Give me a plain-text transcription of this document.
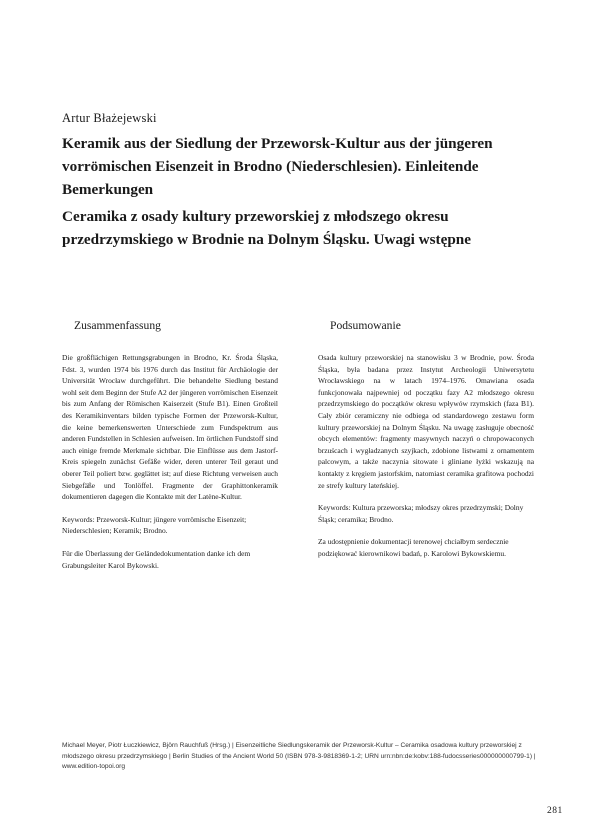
Artur Błażejewski
Keramik aus der Siedlung der Przeworsk-Kultur aus der jüngeren vorrömischen Eisenzeit in Brodno (Niederschlesien). Einleitende Bemerkungen
Ceramika z osady kultury przeworskiej z młodszego okresu przedrzymskiego w Brodnie na Dolnym Śląsku. Uwagi wstępne
Zusammenfassung

Die großflächigen Rettungsgrabungen in Brodno, Kr. Środa Śląska, Fdst. 3, wurden 1974 bis 1976 durch das Institut für Archäologie der Universität Wrocław durchgeführt. Die behandelte Siedlung bestand wohl seit dem Beginn der Stufe A2 der jüngeren vorrömischen Eisenzeit bis zum Anfang der Römischen Kaiserzeit (Stufe B1). Einen Großteil des Keramikinventars bilden typische Formen der Przeworsk-Kultur, die keine bemerkenswerten Unterschiede zum Fundspektrum aus anderen Fundstellen in Schlesien aufweisen. Im örtlichen Fundstoff sind auch einige fremde Merkmale sichtbar. Die Einflüsse aus dem Jastorf-Kreis spiegeln zunächst Gefäße wider, deren unterer Teil geraut und oberer Teil poliert bzw. geglättet ist; auf diese Richtung verweisen auch Siebgefäße und Tonlöffel. Fragmente der Graphittonkeramik dokumentieren dagegen die Kontakte mit der Latène-Kultur.

Keywords: Przeworsk-Kultur; jüngere vorrömische Eisenzeit; Niederschlesien; Keramik; Brodno.

Für die Überlassung der Geländedokumentation danke ich dem Grabungsleiter Karol Bykowski.

Podsumowanie

Osada kultury przeworskiej na stanowisku 3 w Brodnie, pow. Środa Śląska, była badana przez Instytut Archeologii Uniwersytetu Wrocławskiego na w latach 1974–1976. Omawiana osada funkcjonowała najpewniej od początku fazy A2 młodszego okresu przedrzymskiego do początków okresu wpływów rzymskich (faza B1). Cały zbiór ceramiczny nie odbiega od standardowego zestawu form kultury przeworskiej na Dolnym Śląsku. Na uwagę zasługuje obecność obcych elementów: fragmenty masywnych naczyń o chropowaconych brzuścach i wygładzanych szyjkach, zdobione listwami z ornamentem palcowym, a także naczynia sitowate i gliniane łyżki wskazują na kontakty z kręgiem jastorfskim, natomiast ceramika grafitowa pochodzi ze strefy kultury lateńskiej.

Keywords: Kultura przeworska; młodszy okres przedrzymski; Dolny Śląsk; ceramika; Brodno.

Za udostępnienie dokumentacji terenowej chciałbym serdecznie podziękować kierownikowi badań, p. Karolowi Bykowskiemu.

Michael Meyer, Piotr Łuczkiewicz, Björn Rauchfuß (Hrsg.) | Eisenzeitliche Siedlungskeramik der Przeworsk-Kultur – Ceramika osadowa kultury przeworskiej z młodszego okresu przedrzymskiego | Berlin Studies of the Ancient World 50 (ISBN 978-3-9818369-1-2; URN urn:nbn:de:kobv:188-fudocsseries000000000799-1) | www.edition-topoi.org
281
